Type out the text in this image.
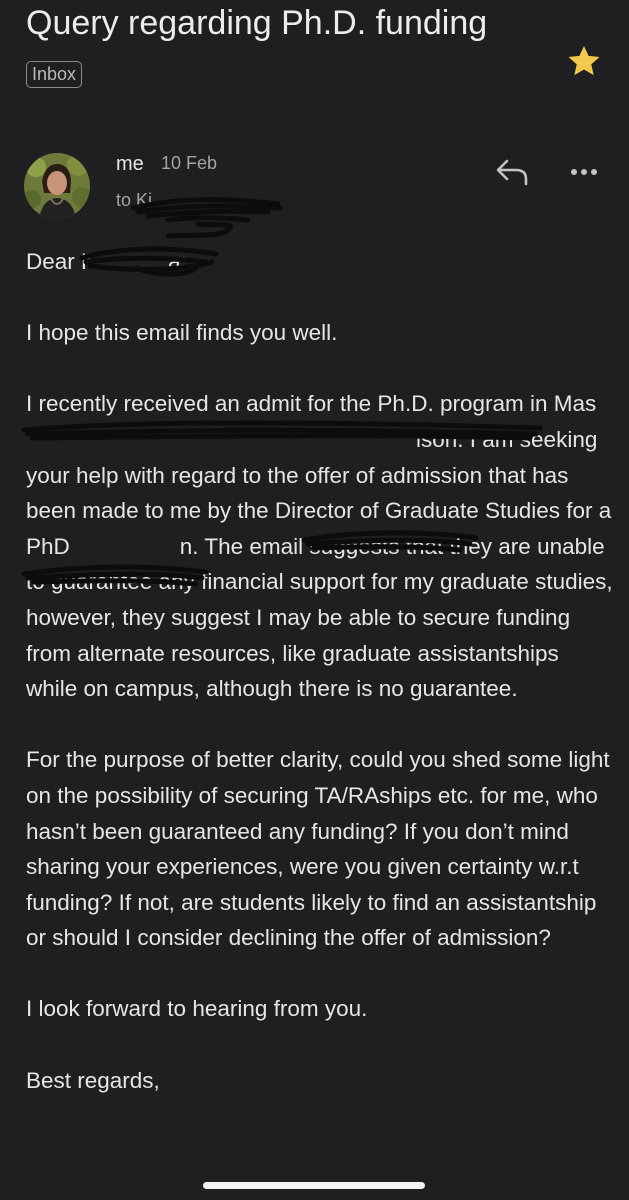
Query regarding Ph.D. funding
Inbox
me 10 Feb
to Ki

Dear K	a:

I hope this email finds you well.

I recently received an admit for the Ph.D. program in Masison. I am seeking your help with regard to the offer of admission that has been made to me by the Director of Graduate Studies for a PhD	n. The email suggests that they are unable to guarantee any financial support for my graduate studies, however, they suggest I may be able to secure funding from alternate resources, like graduate assistantships while on campus, although there is no guarantee.

For the purpose of better clarity, could you shed some light on the possibility of securing TA/RAships etc. for me, who hasn’t been guaranteed any funding? If you don’t mind sharing your experiences, were you given certainty w.r.t funding? If not, are students likely to find an assistantship or should I consider declining the offer of admission?

I look forward to hearing from you.

Best regards,
